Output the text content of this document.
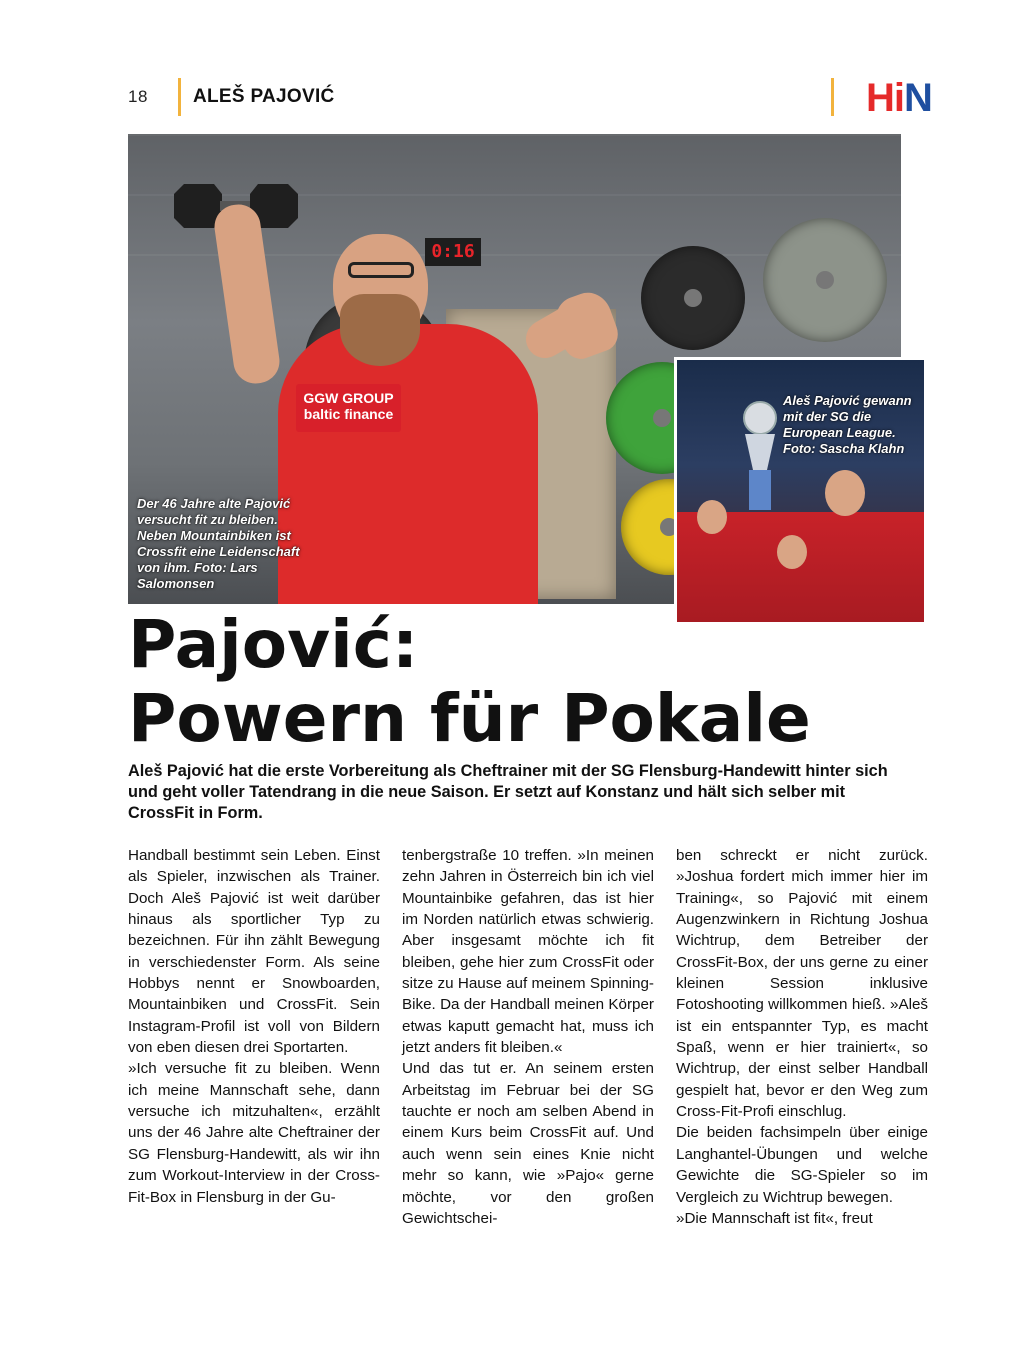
18 ALEŠ PAJOVIĆ	HiN
0:16
GGW GROUP baltic finance
Der 46 Jahre alte Pajović versucht fit zu bleiben. Neben Mountainbiken ist Crossfit eine Leidenschaft von ihm. Foto: Lars Salomonsen
Aleš Pajović gewann mit der SG die European League. Foto: Sascha Klahn
Pajović:
Powern für Pokale
Aleš Pajović hat die erste Vorbereitung als Cheftrainer mit der SG Flensburg-Handewitt hinter sich und geht voller Tatendrang in die neue Saison. Er setzt auf Konstanz und hält sich selber mit CrossFit in Form.

Handball bestimmt sein Leben. Einst als Spieler, inzwischen als Trainer. Doch Aleš Pajović ist weit darüber hinaus als sportlicher Typ zu bezeichnen. Für ihn zählt Bewegung in verschiedenster Form. Als seine Hobbys nennt er Snowboarden, Mountainbiken und CrossFit. Sein Instagram-Profil ist voll von Bildern von eben diesen drei Sportarten.

»Ich versuche fit zu bleiben. Wenn ich meine Mannschaft sehe, dann versuche ich mitzuhalten«, erzählt uns der 46 Jahre alte Cheftrainer der SG Flensburg-Handewitt, als wir ihn zum Workout-Interview in der Cross-Fit-Box in Flensburg in der Gu-

tenbergstraße 10 treffen. »In meinen zehn Jahren in Österreich bin ich viel Mountainbike gefahren, das ist hier im Norden natürlich etwas schwierig. Aber insgesamt möchte ich fit bleiben, gehe hier zum CrossFit oder sitze zu Hause auf meinem Spinning-Bike. Da der Handball meinen Körper etwas kaputt gemacht hat, muss ich jetzt anders fit bleiben.«

Und das tut er. An seinem ersten Arbeitstag im Februar bei der SG tauchte er noch am selben Abend in einem Kurs beim CrossFit auf. Und auch wenn sein eines Knie nicht mehr so kann, wie »Pajo« gerne möchte, vor den großen Gewichtschei-

ben schreckt er nicht zurück. »Joshua fordert mich immer hier im Training«, so Pajović mit einem Augenzwinkern in Richtung Joshua Wichtrup, dem Betreiber der CrossFit-Box, der uns gerne zu einer kleinen Session inklusive Fotoshooting willkommen hieß. »Aleš ist ein entspannter Typ, es macht Spaß, wenn er hier trainiert«, so Wichtrup, der einst selber Handball gespielt hat, bevor er den Weg zum Cross-Fit-Profi einschlug.

Die beiden fachsimpeln über einige Langhantel-Übungen und welche Gewichte die SG-Spieler so im Vergleich zu Wichtrup bewegen.

»Die Mannschaft ist fit«, freut
